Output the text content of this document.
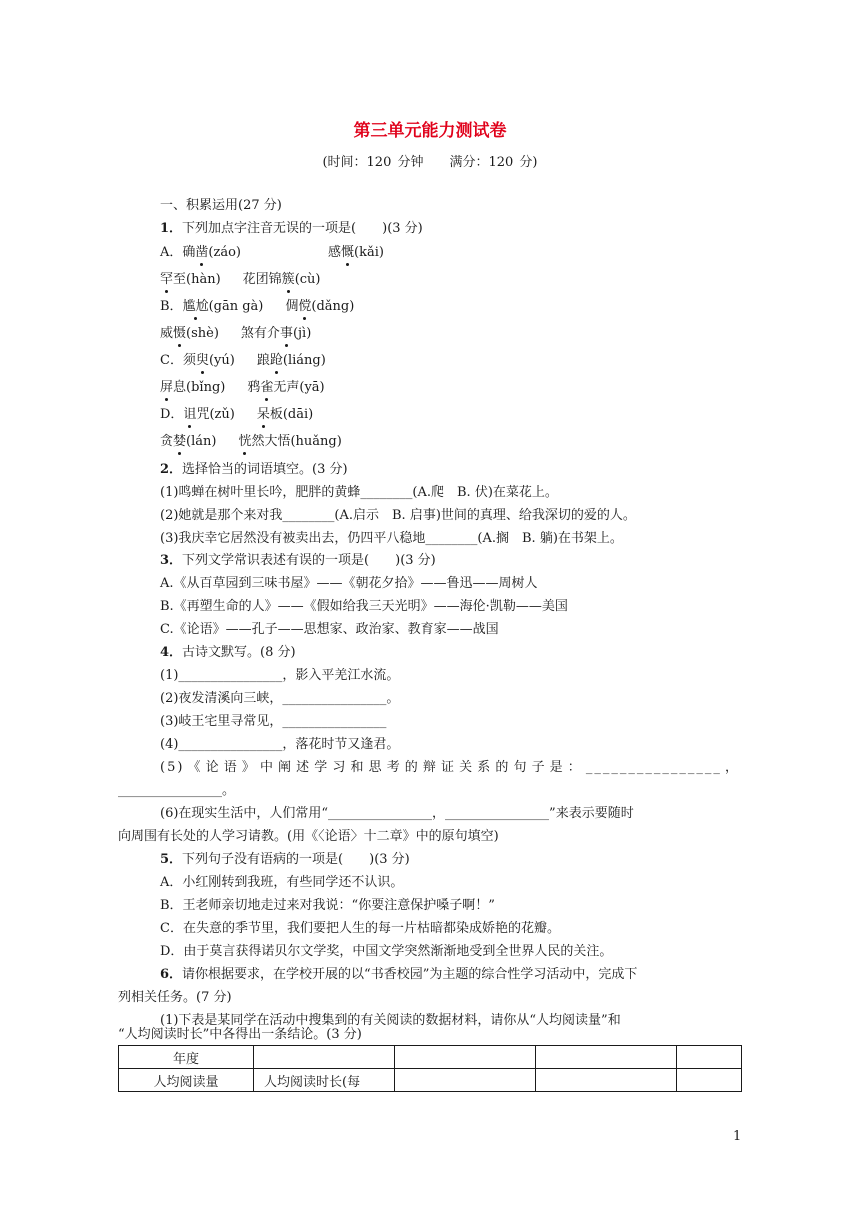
第三单元能力测试卷
(时间：120 分钟　　满分：120 分)
一、积累运用(27 分)
1．下列加点字注音无误的一项是(　　)(3 分)
A．确凿(záo)	感慨(kǎi)
罕至(hàn) 花团锦簇(cù)
B．尴尬(gān gà) 倜傥(dǎng)
威慑(shè) 煞有介事(jì)
C．须臾(yú) 踉跄(liáng)
屏息(bǐng) 鸦雀无声(yā)
D．诅咒(zǔ) 呆板(dāi)
贪婪(lán) 恍然大悟(huǎng)
2．选择恰当的词语填空。(3 分)
(1)鸣蝉在树叶里长吟，肥胖的黄蜂________(A.爬　B. 伏)在菜花上。
(2)她就是那个来对我________(A.启示　B. 启事)世间的真理、给我深切的爱的人。
(3)我庆幸它居然没有被卖出去，仍四平八稳地________(A.搁　B. 躺)在书架上。
3．下列文学常识表述有误的一项是(　　)(3 分)
A.《从百草园到三味书屋》——《朝花夕拾》——鲁迅——周树人
B.《再塑生命的人》——《假如给我三天光明》——海伦·凯勒——美国
C.《论语》——孔子——思想家、政治家、教育家——战国
4．古诗文默写。(8 分)
(1)________________，影入平羌江水流。
(2)夜发清溪向三峡，________________。
(3)岐王宅里寻常见，________________
(4)________________，落花时节又逢君。
(5)《论语》中阐述学习和思考的辩证关系的句子是：________________，
________________。
(6)在现实生活中，人们常用“________________，________________”来表示要随时
向周围有长处的人学习请教。(用《〈论语〉十二章》中的原句填空)
5．下列句子没有语病的一项是(　　)(3 分)
A．小红刚转到我班，有些同学还不认识。
B．王老师亲切地走过来对我说：“你要注意保护嗓子啊！”
C．在失意的季节里，我们要把人生的每一片枯暗都染成娇艳的花瓣。
D．由于莫言获得诺贝尔文学奖，中国文学突然渐渐地受到全世界人民的关注。
6．请你根据要求，在学校开展的以“书香校园”为主题的综合性学习活动中，完成下
列相关任务。(7 分)
(1)下表是某同学在活动中搜集到的有关阅读的数据材料，请你从“人均阅读量”和
“人均阅读时长”中各得出一条结论。(3 分)
年度				
人均阅读量	人均阅读时长(每			
1
